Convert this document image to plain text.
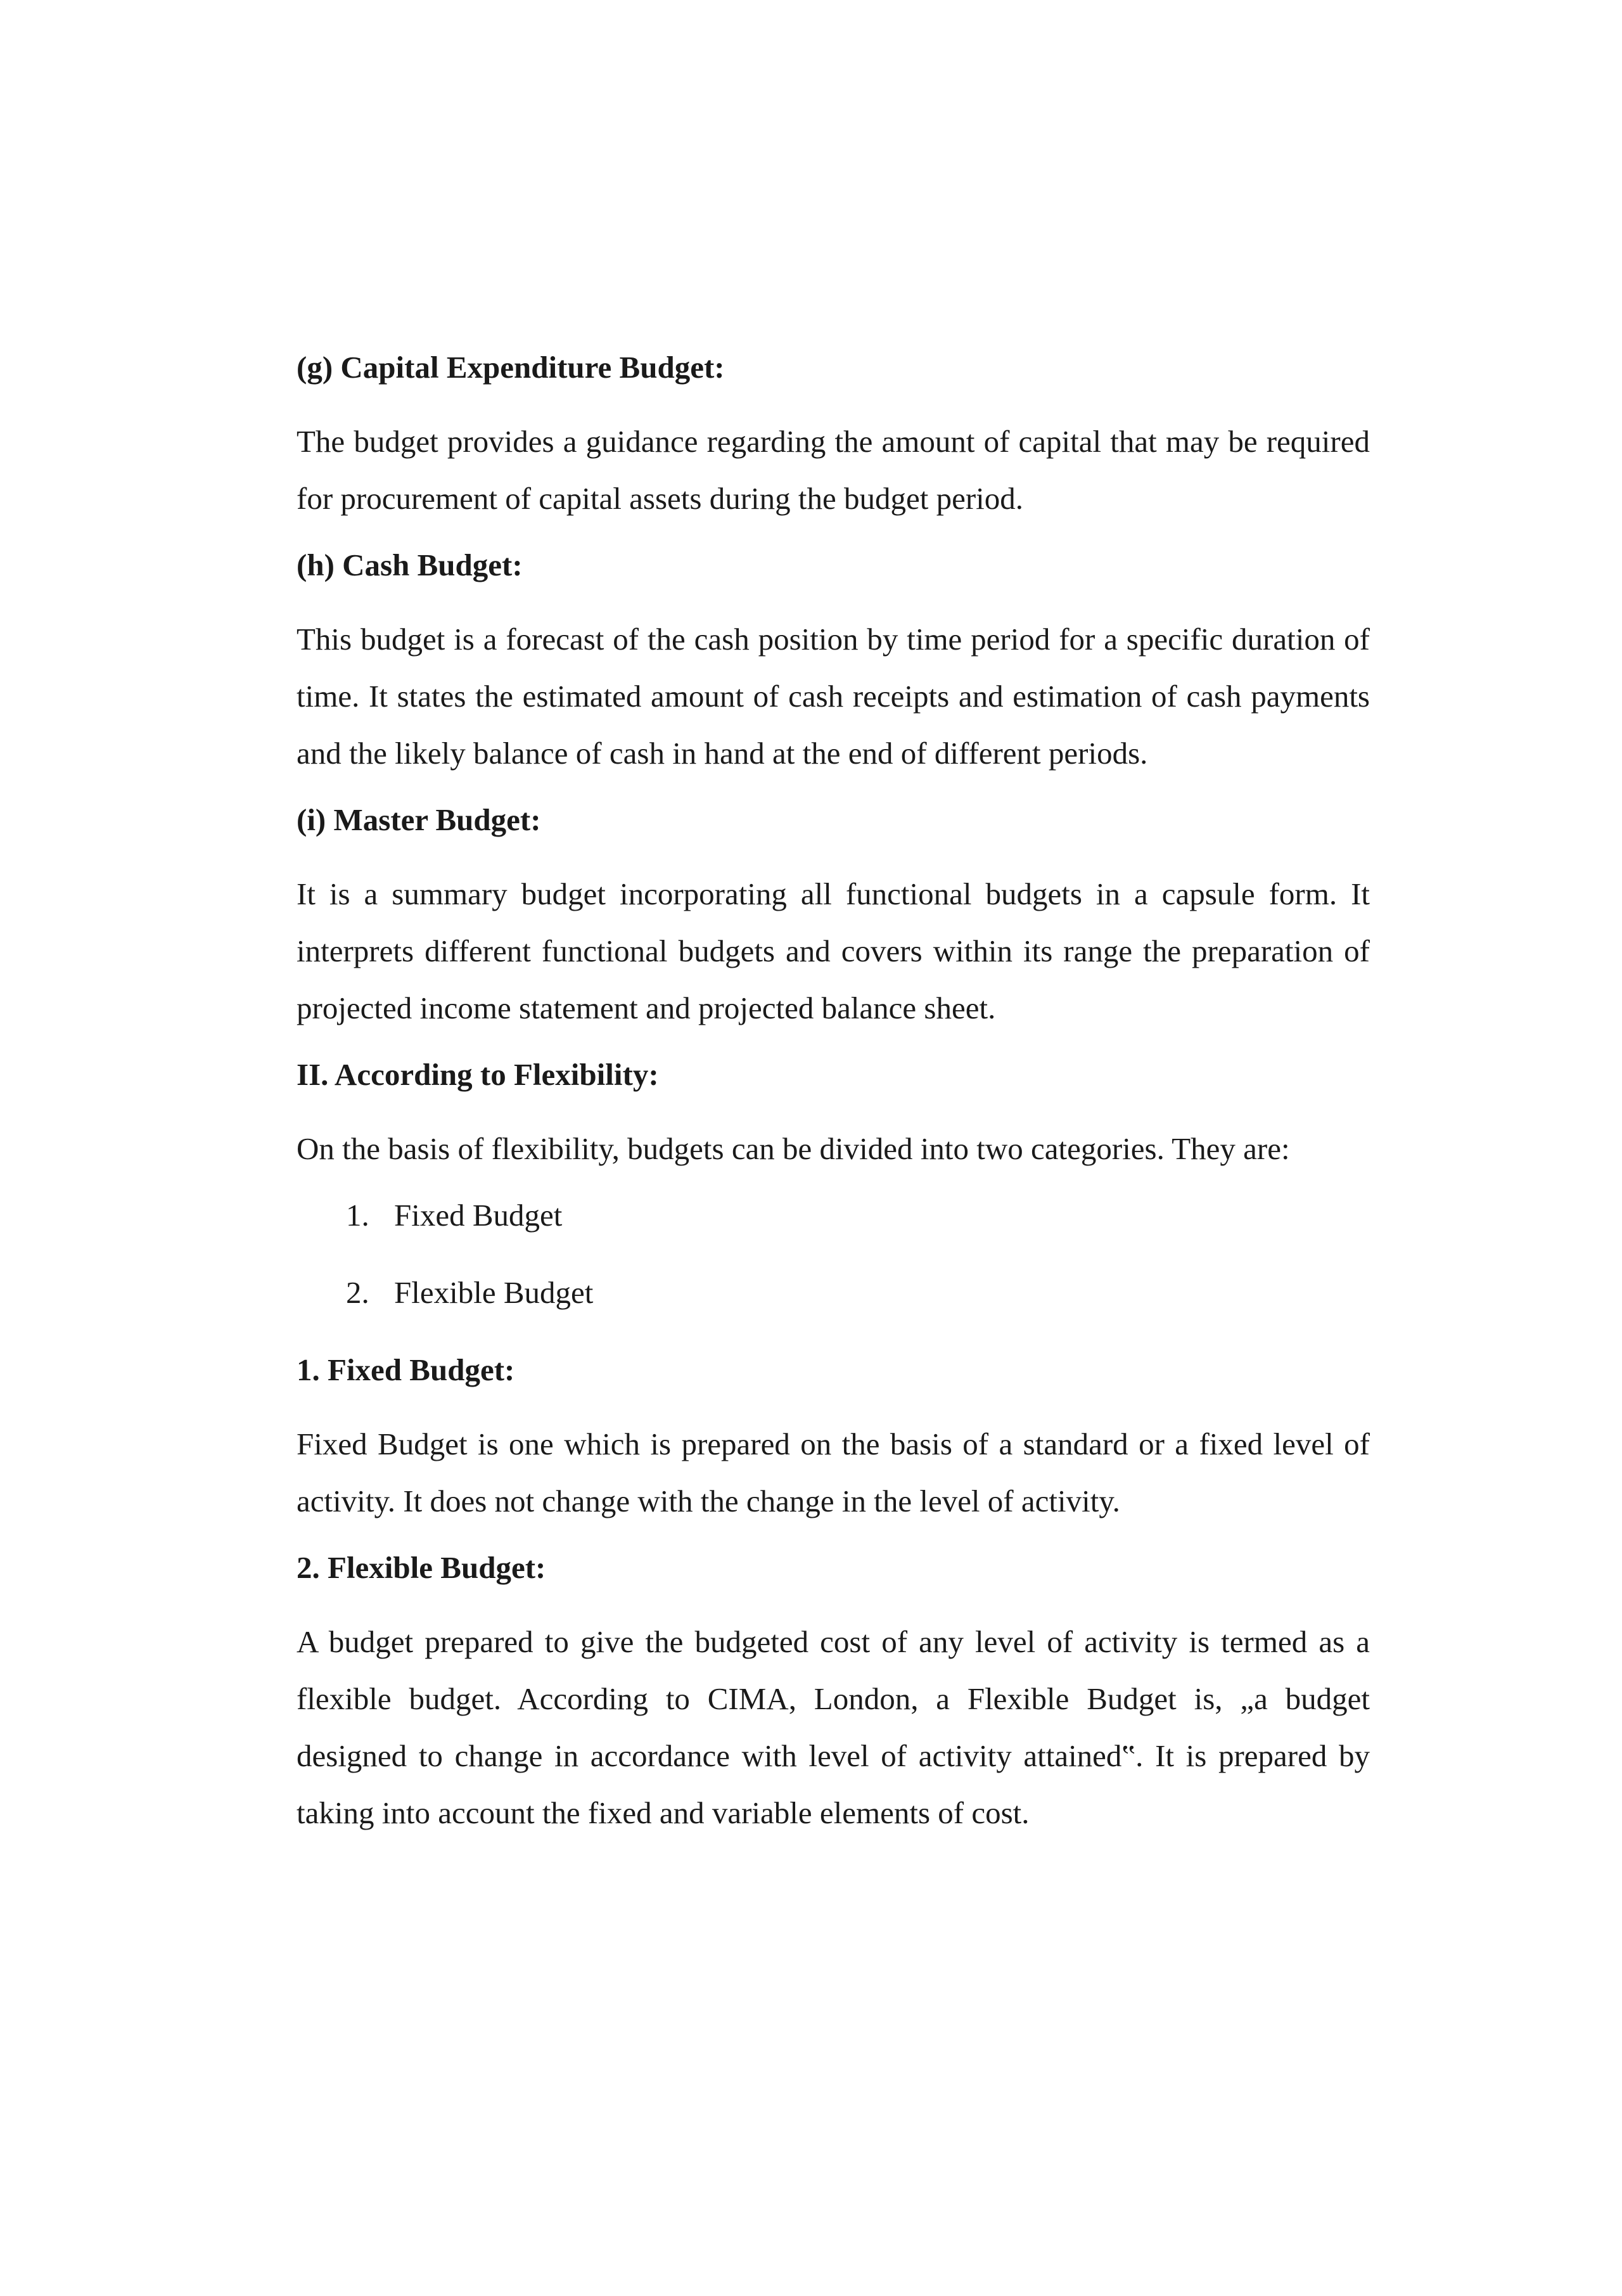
(g) Capital Expenditure Budget:

The budget provides a guidance regarding the amount of capital that may be required for procurement of capital assets during the budget period.

(h) Cash Budget:

This budget is a forecast of the cash position by time period for a specific duration of time. It states the estimated amount of cash receipts and estimation of cash payments and the likely balance of cash in hand at the end of different periods.

(i) Master Budget:

It is a summary budget incorporating all functional budgets in a capsule form. It interprets different functional budgets and covers within its range the preparation of projected income statement and projected balance sheet.

II. According to Flexibility:

On the basis of flexibility, budgets can be divided into two categories. They are:

1. Fixed Budget
2. Flexible Budget
1. Fixed Budget:

Fixed Budget is one which is prepared on the basis of a standard or a fixed level of activity. It does not change with the change in the level of activity.

2. Flexible Budget:

A budget prepared to give the budgeted cost of any level of activity is termed as a flexible budget. According to CIMA, London, a Flexible Budget is, „a budget designed to change in accordance with level of activity attained‟. It is prepared by taking into account the fixed and variable elements of cost.
